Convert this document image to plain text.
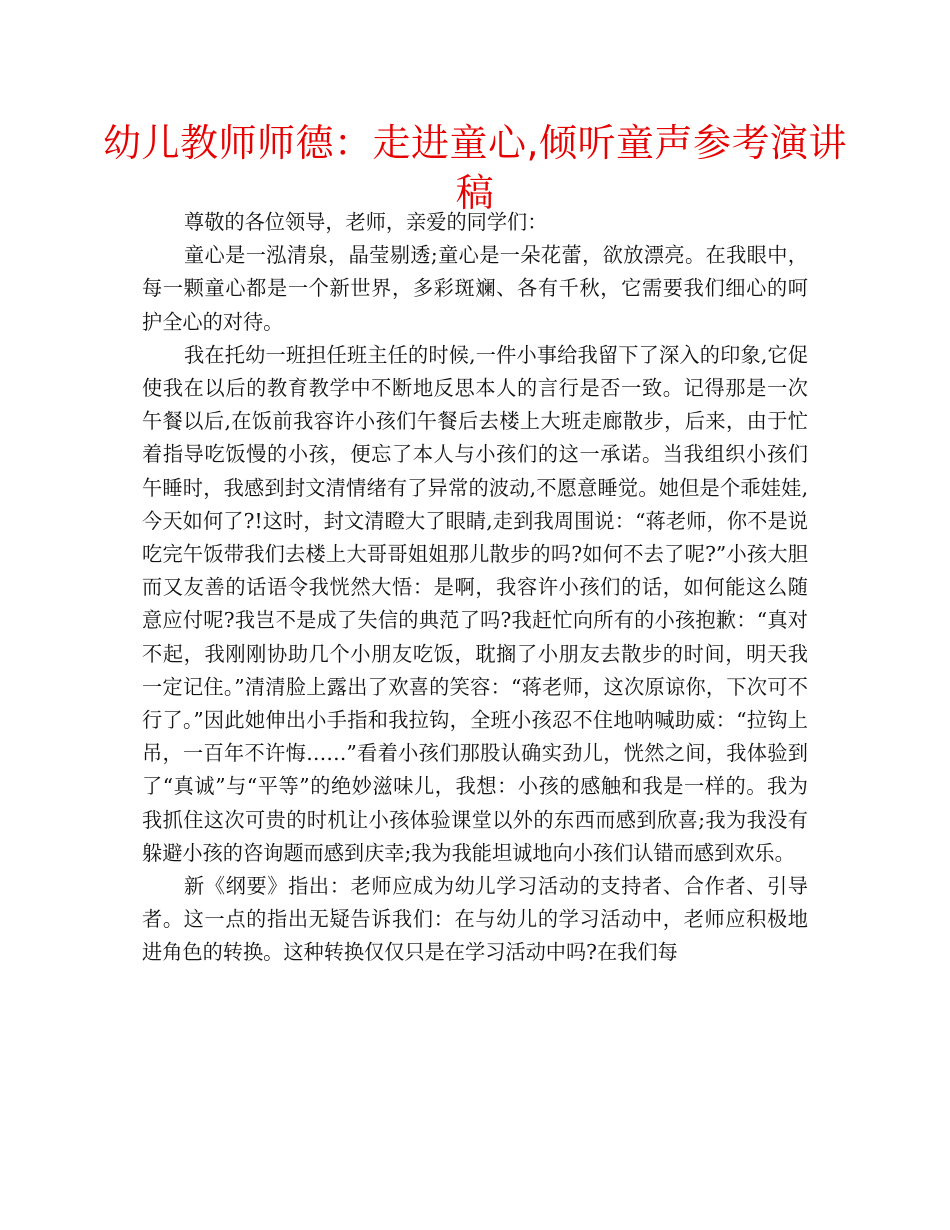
幼儿教师师德：走进童心,倾听童声参考演讲稿

尊敬的各位领导，老师，亲爱的同学们：

童心是一泓清泉，晶莹剔透;童心是一朵花蕾，欲放漂亮。在我眼中，每一颗童心都是一个新世界，多彩斑斓、各有千秋，它需要我们细心的呵护全心的对待。

我在托幼一班担任班主任的时候,一件小事给我留下了深入的印象,它促使我在以后的教育教学中不断地反思本人的言行是否一致。记得那是一次午餐以后,在饭前我容许小孩们午餐后去楼上大班走廊散步，后来，由于忙着指导吃饭慢的小孩，便忘了本人与小孩们的这一承诺。当我组织小孩们午睡时，我感到封文清情绪有了异常的波动,不愿意睡觉。她但是个乖娃娃,今天如何了?!这时，封文清瞪大了眼睛,走到我周围说：“蒋老师，你不是说吃完午饭带我们去楼上大哥哥姐姐那儿散步的吗?如何不去了呢?”小孩大胆而又友善的话语令我恍然大悟：是啊，我容许小孩们的话，如何能这么随意应付呢?我岂不是成了失信的典范了吗?我赶忙向所有的小孩抱歉：“真对不起，我刚刚协助几个小朋友吃饭，耽搁了小朋友去散步的时间，明天我一定记住。”清清脸上露出了欢喜的笑容：“蒋老师，这次原谅你，下次可不行了。”因此她伸出小手指和我拉钩，全班小孩忍不住地呐喊助威：“拉钩上吊，一百年不许悔……”看着小孩们那股认确实劲儿，恍然之间，我体验到了“真诚”与“平等”的绝妙滋味儿，我想：小孩的感触和我是一样的。我为我抓住这次可贵的时机让小孩体验课堂以外的东西而感到欣喜;我为我没有躲避小孩的咨询题而感到庆幸;我为我能坦诚地向小孩们认错而感到欢乐。

新《纲要》指出：老师应成为幼儿学习活动的支持者、合作者、引导者。这一点的指出无疑告诉我们：在与幼儿的学习活动中，老师应积极地进角色的转换。这种转换仅仅只是在学习活动中吗?在我们每
